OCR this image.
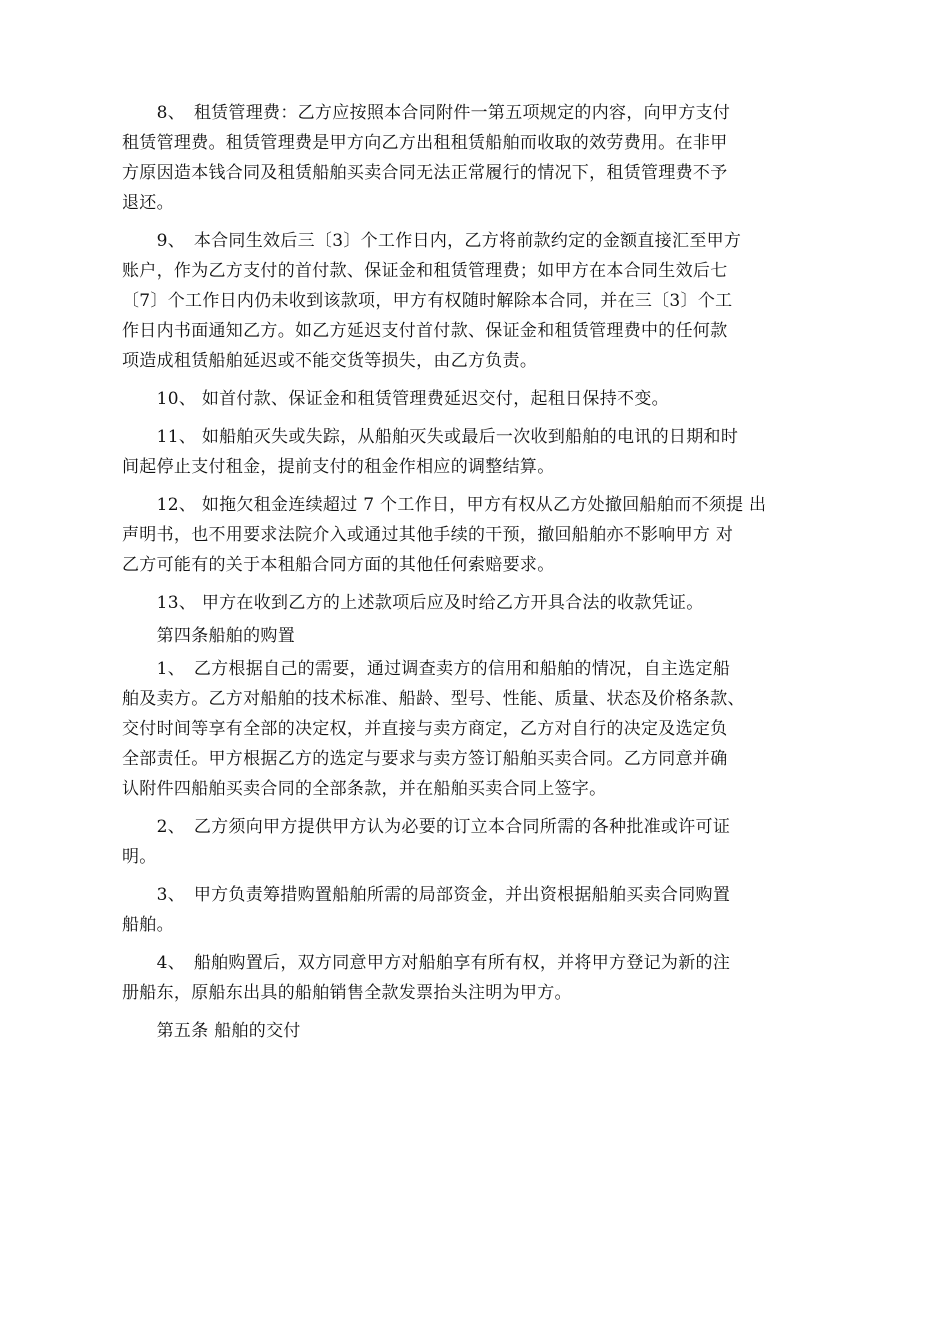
　　8、　租赁管理费：乙方应按照本合同附件一第五项规定的内容，向甲方支付
租赁管理费。租赁管理费是甲方向乙方出租租赁船舶而收取的效劳费用。在非甲
方原因造本钱合同及租赁船舶买卖合同无法正常履行的情况下，租赁管理费不予
退还。

　　9、　本合同生效后三〔3〕个工作日内，乙方将前款约定的金额直接汇至甲方
账户，作为乙方支付的首付款、保证金和租赁管理费；如甲方在本合同生效后七
〔7〕个工作日内仍未收到该款项，甲方有权随时解除本合同，并在三〔3〕个工
作日内书面通知乙方。如乙方延迟支付首付款、保证金和租赁管理费中的任何款
项造成租赁船舶延迟或不能交货等损失，由乙方负责。

　　10、 如首付款、保证金和租赁管理费延迟交付，起租日保持不变。

　　11、 如船舶灭失或失踪，从船舶灭失或最后一次收到船舶的电讯的日期和时
间起停止支付租金，提前支付的租金作相应的调整结算。

　　12、 如拖欠租金连续超过 7 个工作日，甲方有权从乙方处撤回船舶而不须提 出
声明书，也不用要求法院介入或通过其他手续的干预，撤回船舶亦不影响甲方 对
乙方可能有的关于本租船合同方面的其他任何索赔要求。

　　13、 甲方在收到乙方的上述款项后应及时给乙方开具合法的收款凭证。

　　第四条船舶的购置

　　1、　乙方根据自己的需要，通过调查卖方的信用和船舶的情况，自主选定船
舶及卖方。乙方对船舶的技术标准、船龄、型号、性能、质量、状态及价格条款、
交付时间等享有全部的决定权，并直接与卖方商定，乙方对自行的决定及选定负
全部责任。甲方根据乙方的选定与要求与卖方签订船舶买卖合同。乙方同意并确
认附件四船舶买卖合同的全部条款，并在船舶买卖合同上签字。

　　2、　乙方须向甲方提供甲方认为必要的订立本合同所需的各种批准或许可证
明。

　　3、　甲方负责筹措购置船舶所需的局部资金，并出资根据船舶买卖合同购置
船舶。

　　4、　船舶购置后，双方同意甲方对船舶享有所有权，并将甲方登记为新的注
册船东，原船东出具的船舶销售全款发票抬头注明为甲方。

　　第五条 船舶的交付
